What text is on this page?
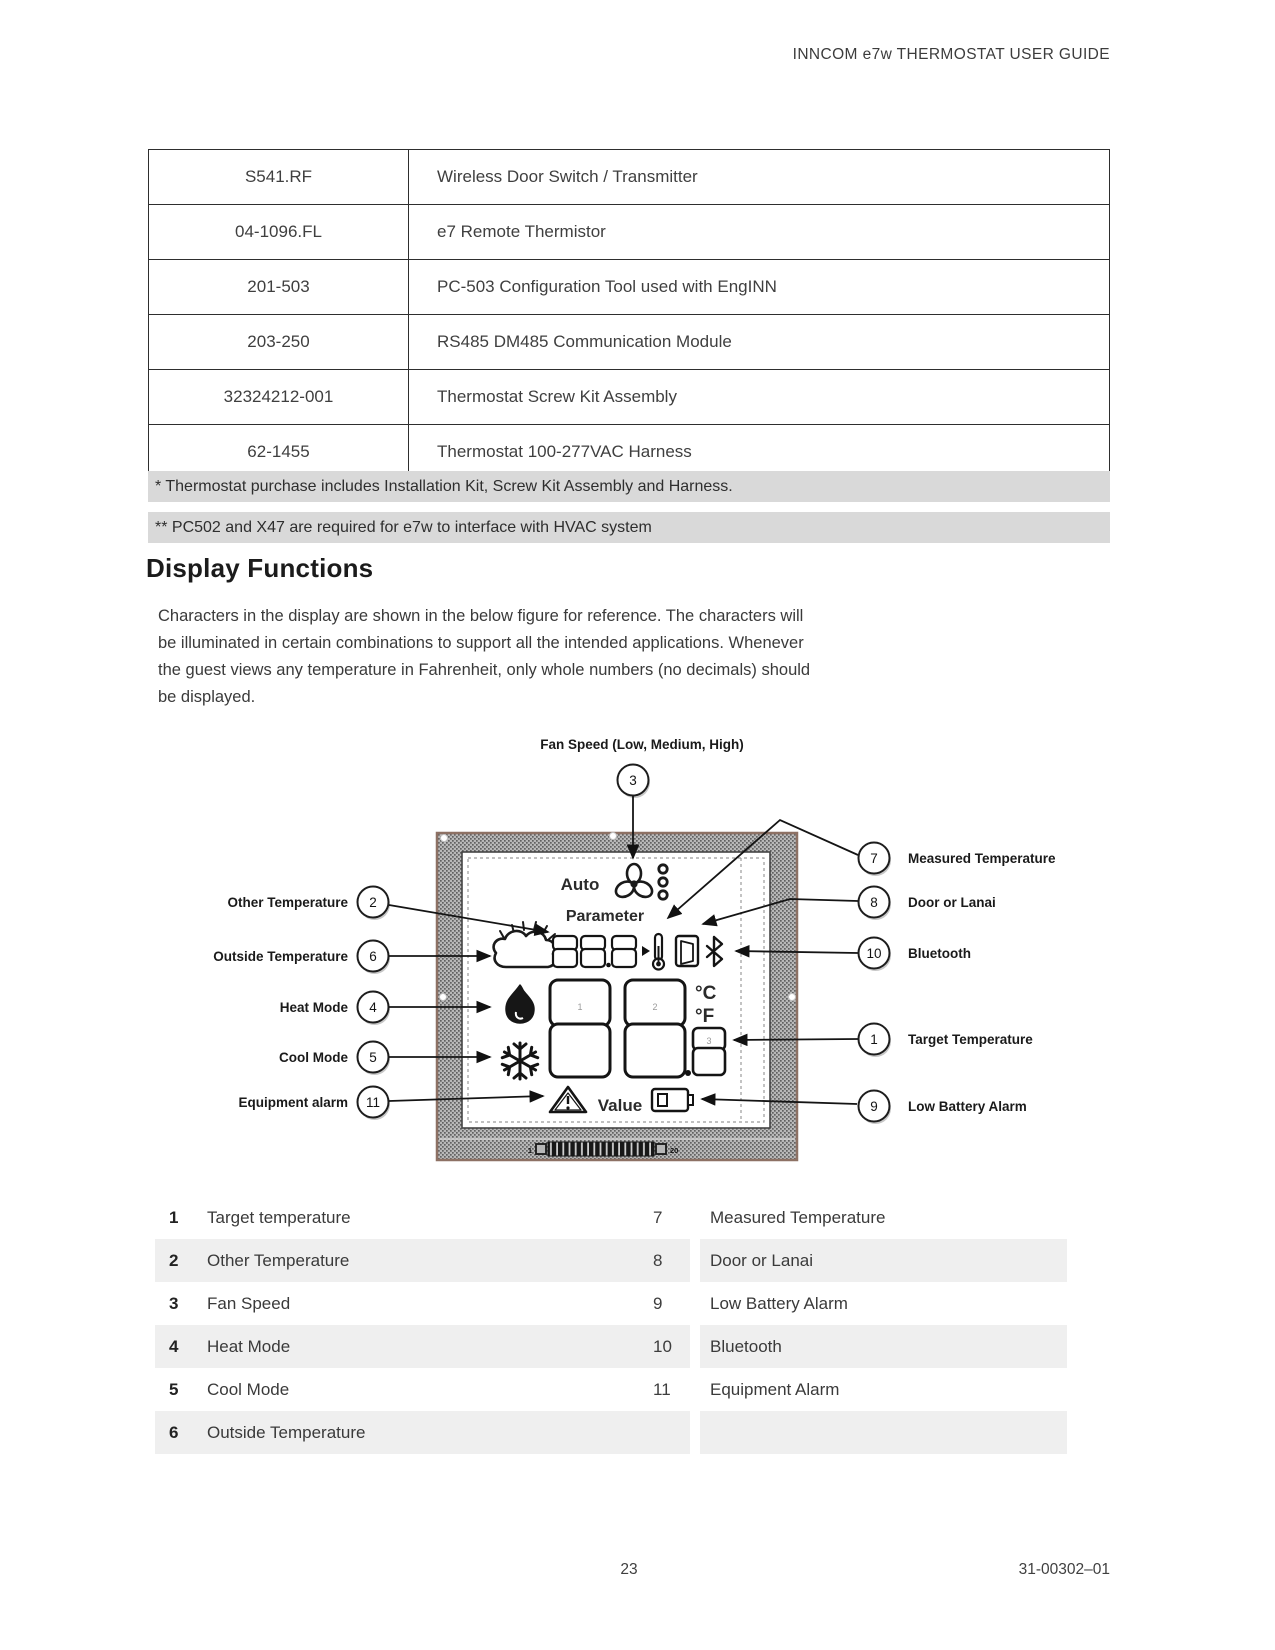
INNCOM e7w THERMOSTAT USER GUIDE
S541.RF	Wireless Door Switch / Transmitter
04-1096.FL	e7 Remote Thermistor
201-503	PC-503 Configuration Tool used with EngINN
203-250	RS485 DM485 Communication Module
32324212-001	Thermostat Screw Kit Assembly
62-1455	Thermostat 100-277VAC Harness
* Thermostat purchase includes Installation Kit, Screw Kit Assembly and Harness.
** PC502 and X47 are required for e7w to interface with HVAC system
Display Functions
Characters in the display are shown in the below figure for reference. The characters will
be illuminated in certain combinations to support all the intended applications. Whenever
the guest views any temperature in Fahrenheit, only whole numbers (no decimals) should
be displayed.
Fan Speed (Low, Medium, High)
1	20
Auto
Parameter
1	2
3
°C
°F
Value
3
2
Other Temperature
6
Outside Temperature
4
Heat Mode
5
Cool Mode
11
Equipment alarm
7 Measured Temperature
8 Door or Lanai
10 Bluetooth
1 Target Temperature
9 Low Battery Alarm
1	Target temperature	7	Measured Temperature
2	Other Temperature	8	Door or Lanai
3	Fan Speed	9	Low Battery Alarm
4	Heat Mode	10	Bluetooth
5	Cool Mode	11	Equipment Alarm
6	Outside Temperature
23	31-00302–01
